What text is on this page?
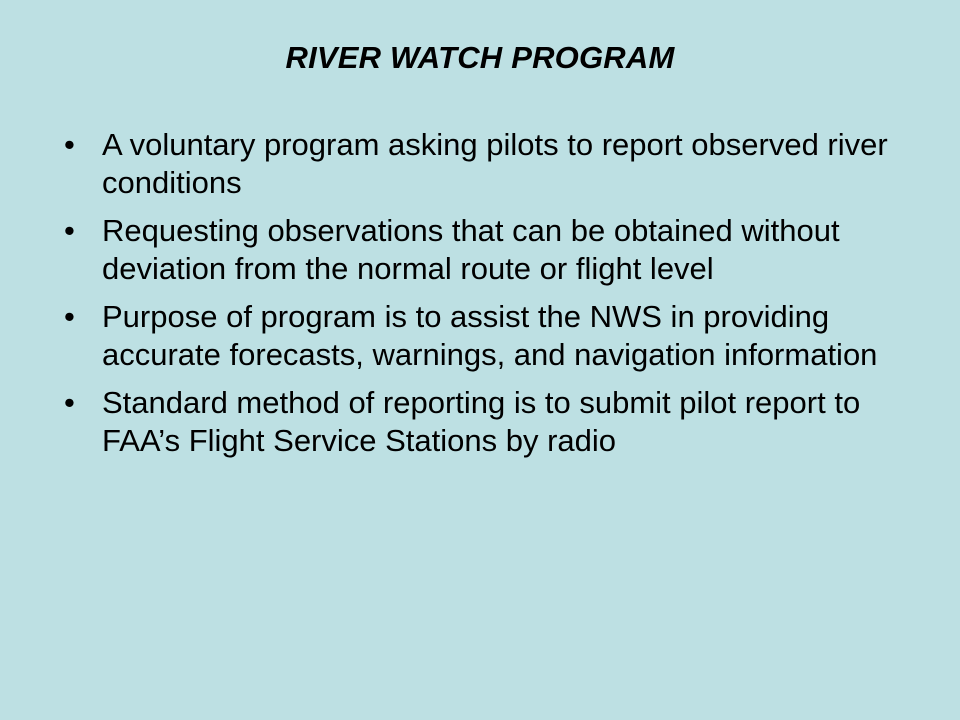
RIVER WATCH PROGRAM
• A voluntary program asking pilots to report observed river conditions
• Requesting observations that can be obtained without deviation from the normal route or flight level
• Purpose of program is to assist the NWS in providing accurate forecasts, warnings, and navigation information
• Standard method of reporting is to submit pilot report to FAA’s Flight Service Stations by radio
